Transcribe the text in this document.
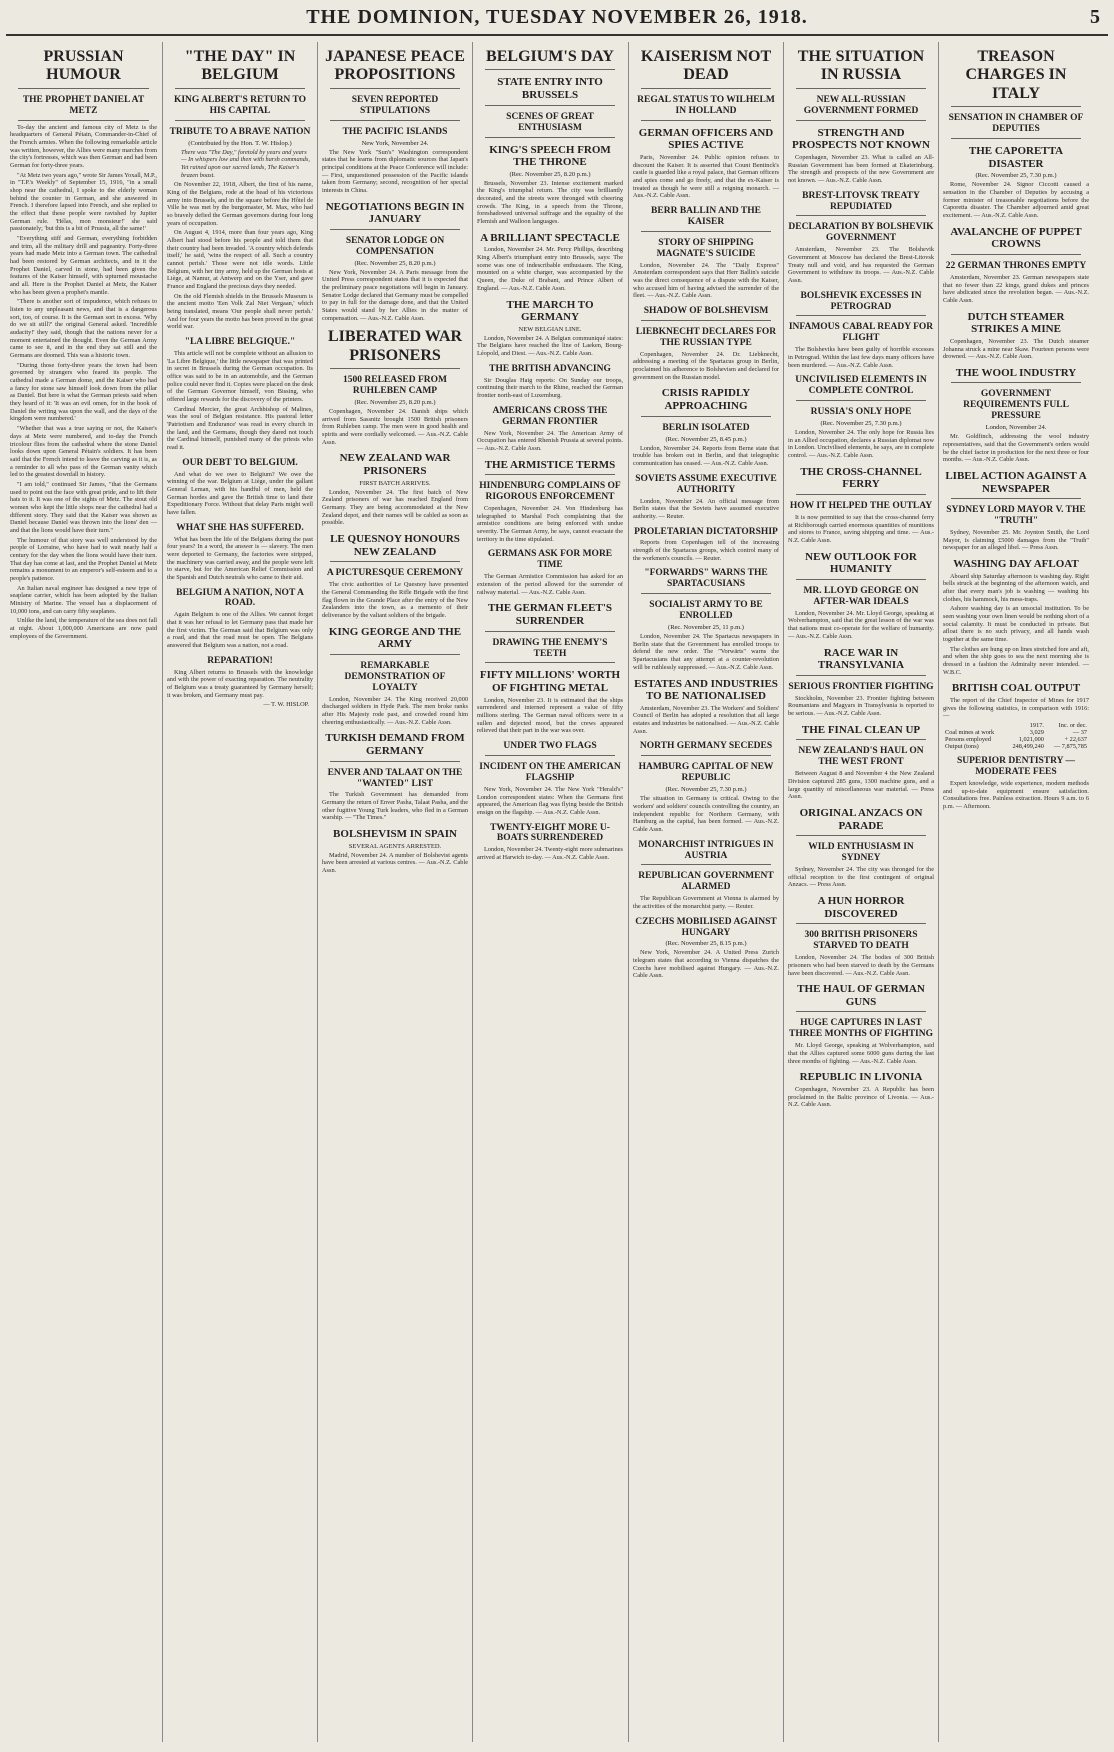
THE DOMINION, TUESDAY NOVEMBER 26, 1918.	5
PRUSSIAN HUMOUR
THE PROPHET DANIEL AT METZ
To-day the ancient and famous city of Metz is the headquarters of General Pétain, Commander-in-Chief of the French armies. When the following remarkable article was written, however, the Allies were many marches from the city's fortresses, which was then German and had been German for forty-three years.
"At Metz two years ago," wrote Sir James Yoxall, M.P., in "T.P.'s Weekly" of September 15, 1916, "in a small shop near the cathedral, I spoke to the elderly woman behind the counter in German, and she answered in French. I therefore lapsed into French, and she replied to the effect that these people were ravished by Jupiter German rule. 'Hélas, mon monsieur!' she said passionately; 'but this is a bit of Prussia, all the same!'
"Everything stiff and German, everything forbidden and trim, all the military drill and pageantry. Forty-three years had made Metz into a German town. The cathedral had been restored by German architects, and in it the Prophet Daniel, carved in stone, had been given the features of the Kaiser himself, with upturned moustache and all. Here is the Prophet Daniel at Metz, the Kaiser who has been given a prophet's mantle.
"There is another sort of impudence, which refuses to listen to any unpleasant news, and that is a dangerous sort, too, of course. It is the German sort in excess. 'Why do we sit still?' the original General asked. 'Incredible audacity!' they said, though that the nations never for a moment entertained the thought. Even the German Army came to see it, and in the end they sat still and the Germans are doomed. This was a historic town.
"During those forty-three years the town had been governed by strangers who feared its people. The cathedral made a German dome, and the Kaiser who had a fancy for stone saw himself look down from the pillar as Daniel. But here is what the German priests said when they heard of it: 'It was an evil omen, for in the book of Daniel the writing was upon the wall, and the days of the kingdom were numbered.'
"Whether that was a true saying or not, the Kaiser's days at Metz were numbered, and to-day the French tricolour flies from the cathedral where the stone Daniel looks down upon General Pétain's soldiers. It has been said that the French intend to leave the carving as it is, as a reminder to all who pass of the German vanity which led to the greatest downfall in history.
"I am told," continued Sir James, "that the Germans used to point out the face with great pride, and to lift their hats to it. It was one of the sights of Metz. The stout old women who kept the little shops near the cathedral had a different story. They said that the Kaiser was shown as Daniel because Daniel was thrown into the lions' den — and that the lions would have their turn."
The humour of that story was well understood by the people of Lorraine, who have had to wait nearly half a century for the day when the lions would have their turn. That day has come at last, and the Prophet Daniel at Metz remains a monument to an emperor's self-esteem and to a people's patience.
An Italian naval engineer has designed a new type of seaplane carrier, which has been adopted by the Italian Ministry of Marine. The vessel has a displacement of 10,000 tons, and can carry fifty seaplanes.
Unlike the land, the temperature of the sea does not fall at night. About 1,000,000 Americans are now paid employees of the Government.
"THE DAY" IN BELGIUM
KING ALBERT'S RETURN TO HIS CAPITAL
TRIBUTE TO A BRAVE NATION
(Contributed by the Hon. T. W. Hislop.)
There was "The Day," foretold by years and years — In whispers low and then with harsh commands, Yet rained upon our sacred lands, The Kaiser's brazen boast.
On November 22, 1918, Albert, the first of his name, King of the Belgians, rode at the head of his victorious army into Brussels, and in the square before the Hôtel de Ville he was met by the burgomaster, M. Max, who had so bravely defied the German governors during four long years of occupation.
On August 4, 1914, more than four years ago, King Albert had stood before his people and told them that their country had been invaded. 'A country which defends itself,' he said, 'wins the respect of all. Such a country cannot perish.' Those were not idle words. Little Belgium, with her tiny army, held up the German hosts at Liège, at Namur, at Antwerp and on the Yser, and gave France and England the precious days they needed.
On the old Flemish shields in the Brussels Museum is the ancient motto 'Een Volk Zal Niet Vergaan,' which being translated, means 'Our people shall never perish.' And for four years the motto has been proved in the great world war.
"LA LIBRE BELGIQUE."
This article will not be complete without an allusion to 'La Libre Belgique,' the little newspaper that was printed in secret in Brussels during the German occupation. Its office was said to be in an automobile, and the German police could never find it. Copies were placed on the desk of the German Governor himself, von Bissing, who offered large rewards for the discovery of the printers.
Cardinal Mercier, the great Archbishop of Malines, was the soul of Belgian resistance. His pastoral letter 'Patriotism and Endurance' was read in every church in the land, and the Germans, though they dared not touch the Cardinal himself, punished many of the priests who read it.
OUR DEBT TO BELGIUM.
And what do we owe to Belgium? We owe the winning of the war. Belgium at Liège, under the gallant General Leman, with his handful of men, held the German hordes and gave the British time to land their Expeditionary Force. Without that delay Paris might well have fallen.
WHAT SHE HAS SUFFERED.
What has been the life of the Belgians during the past four years? In a word, the answer is — slavery. The men were deported to Germany, the factories were stripped, the machinery was carried away, and the people were left to starve, but for the American Relief Commission and the Spanish and Dutch neutrals who came to their aid.
BELGIUM A NATION, NOT A ROAD.
Again Belgium is one of the Allies. We cannot forget that it was her refusal to let Germany pass that made her the first victim. The German said that Belgium was only a road, and that the road must be open. The Belgians answered that Belgium was a nation, not a road.
REPARATION!
King Albert returns to Brussels with the knowledge and with the power of exacting reparation. The neutrality of Belgium was a treaty guaranteed by Germany herself; it was broken, and Germany must pay.
— T. W. HISLOP.
JAPANESE PEACE PROPOSITIONS
SEVEN REPORTED STIPULATIONS
THE PACIFIC ISLANDS
New York, November 24.
The New York "Sun's" Washington correspondent states that he learns from diplomatic sources that Japan's principal conditions at the Peace Conference will include: — First, unquestioned possession of the Pacific islands taken from Germany; second, recognition of her special interests in China.
NEGOTIATIONS BEGIN IN JANUARY
SENATOR LODGE ON COMPENSATION
(Rec. November 25, 8.20 p.m.)
New York, November 24. A Paris message from the United Press correspondent states that it is expected that the preliminary peace negotiations will begin in January. Senator Lodge declared that Germany must be compelled to pay in full for the damage done, and that the United States would stand by her Allies in the matter of compensation. — Aus.-N.Z. Cable Assn.
LIBERATED WAR PRISONERS
1500 RELEASED FROM RUHLEBEN CAMP
(Rec. November 25, 8.20 p.m.)
Copenhagen, November 24. Danish ships which arrived from Sassnitz brought 1500 British prisoners from Ruhleben camp. The men were in good health and spirits and were cordially welcomed. — Aus.-N.Z. Cable Assn.
NEW ZEALAND WAR PRISONERS
FIRST BATCH ARRIVES.
London, November 24. The first batch of New Zealand prisoners of war has reached England from Germany. They are being accommodated at the New Zealand depot, and their names will be cabled as soon as possible.
LE QUESNOY HONOURS NEW ZEALAND
A PICTURESQUE CEREMONY
The civic authorities of Le Quesnoy have presented the General Commanding the Rifle Brigade with the first flag flown in the Grande Place after the entry of the New Zealanders into the town, as a memento of their deliverance by the valiant soldiers of the brigade.
KING GEORGE AND THE ARMY
REMARKABLE DEMONSTRATION OF LOYALTY
London, November 24. The King received 20,000 discharged soldiers in Hyde Park. The men broke ranks after His Majesty rode past, and crowded round him cheering enthusiastically. — Aus.-N.Z. Cable Assn.
TURKISH DEMAND FROM GERMANY
ENVER AND TALAAT ON THE "WANTED" LIST
The Turkish Government has demanded from Germany the return of Enver Pasha, Talaat Pasha, and the other fugitive Young Turk leaders, who fled in a German warship. — "The Times."
BOLSHEVISM IN SPAIN
SEVERAL AGENTS ARRESTED.
Madrid, November 24. A number of Bolshevist agents have been arrested at various centres. — Aus.-N.Z. Cable Assn.
BELGIUM'S DAY
STATE ENTRY INTO BRUSSELS
SCENES OF GREAT ENTHUSIASM
KING'S SPEECH FROM THE THRONE
(Rec. November 25, 8.20 p.m.)
Brussels, November 23. Intense excitement marked the King's triumphal return. The city was brilliantly decorated, and the streets were thronged with cheering crowds. The King, in a speech from the Throne, foreshadowed universal suffrage and the equality of the Flemish and Walloon languages.
A BRILLIANT SPECTACLE
London, November 24. Mr. Percy Phillips, describing King Albert's triumphant entry into Brussels, says: The scene was one of indescribable enthusiasm. The King, mounted on a white charger, was accompanied by the Queen, the Duke of Brabant, and Prince Albert of England. — Aus.-N.Z. Cable Assn.
THE MARCH TO GERMANY
NEW BELGIAN LINE.
London, November 24. A Belgian communiqué states: The Belgians have reached the line of Laeken, Bourg-Léopold, and Diest. — Aus.-N.Z. Cable Assn.
THE BRITISH ADVANCING
Sir Douglas Haig reports: On Sunday our troops, continuing their march to the Rhine, reached the German frontier north-east of Luxemburg.
AMERICANS CROSS THE GERMAN FRONTIER
New York, November 24. The American Army of Occupation has entered Rhenish Prussia at several points. — Aus.-N.Z. Cable Assn.
THE ARMISTICE TERMS
HINDENBURG COMPLAINS OF RIGOROUS ENFORCEMENT
Copenhagen, November 24. Von Hindenburg has telegraphed to Marshal Foch complaining that the armistice conditions are being enforced with undue severity. The German Army, he says, cannot evacuate the territory in the time stipulated.
GERMANS ASK FOR MORE TIME
The German Armistice Commission has asked for an extension of the period allowed for the surrender of railway material. — Aus.-N.Z. Cable Assn.
THE GERMAN FLEET'S SURRENDER
DRAWING THE ENEMY'S TEETH
FIFTY MILLIONS' WORTH OF FIGHTING METAL
London, November 23. It is estimated that the ships surrendered and interned represent a value of fifty millions sterling. The German naval officers were in a sullen and dejected mood, but the crews appeared relieved that their part in the war was over.
UNDER TWO FLAGS
INCIDENT ON THE AMERICAN FLAGSHIP
New York, November 24. The New York "Herald's" London correspondent states: When the Germans first appeared, the American flag was flying beside the British ensign on the flagship. — Aus.-N.Z. Cable Assn.
TWENTY-EIGHT MORE U-BOATS SURRENDERED
London, November 24. Twenty-eight more submarines arrived at Harwich to-day. — Aus.-N.Z. Cable Assn.
KAISERISM NOT DEAD
REGAL STATUS TO WILHELM IN HOLLAND
GERMAN OFFICERS AND SPIES ACTIVE
Paris, November 24. Public opinion refuses to discount the Kaiser. It is asserted that Count Bentinck's castle is guarded like a royal palace, that German officers and spies come and go freely, and that the ex-Kaiser is treated as though he were still a reigning monarch. — Aus.-N.Z. Cable Assn.
BERR BALLIN AND THE KAISER
STORY OF SHIPPING MAGNATE'S SUICIDE
London, November 24. The "Daily Express" Amsterdam correspondent says that Herr Ballin's suicide was the direct consequence of a dispute with the Kaiser, who accused him of having advised the surrender of the fleet. — Aus.-N.Z. Cable Assn.
SHADOW OF BOLSHEVISM
LIEBKNECHT DECLARES FOR THE RUSSIAN TYPE
Copenhagen, November 24. Dr. Liebknecht, addressing a meeting of the Spartacus group in Berlin, proclaimed his adherence to Bolshevism and declared for government on the Russian model.
CRISIS RAPIDLY APPROACHING
BERLIN ISOLATED
(Rec. November 25, 8.45 p.m.)
London, November 24. Reports from Berne state that trouble has broken out in Berlin, and that telegraphic communication has ceased. — Aus.-N.Z. Cable Assn.
SOVIETS ASSUME EXECUTIVE AUTHORITY
London, November 24. An official message from Berlin states that the Soviets have assumed executive authority. — Reuter.
PROLETARIAN DICTATORSHIP
Reports from Copenhagen tell of the increasing strength of the Spartacus groups, which control many of the workmen's councils. — Reuter.
"FORWARDS" WARNS THE SPARTACUSIANS
SOCIALIST ARMY TO BE ENROLLED
(Rec. November 25, 11 p.m.)
London, November 24. The Spartacus newspapers in Berlin state that the Government has enrolled troops to defend the new order. The "Vorwärts" warns the Spartacusians that any attempt at a counter-revolution will be ruthlessly suppressed. — Aus.-N.Z. Cable Assn.
ESTATES AND INDUSTRIES TO BE NATIONALISED
Amsterdam, November 23. The Workers' and Soldiers' Council of Berlin has adopted a resolution that all large estates and industries be nationalised. — Aus.-N.Z. Cable Assn.
NORTH GERMANY SECEDES
HAMBURG CAPITAL OF NEW REPUBLIC
(Rec. November 25, 7.30 p.m.)
The situation in Germany is critical. Owing to the workers' and soldiers' councils controlling the country, an independent republic for Northern Germany, with Hamburg as the capital, has been formed. — Aus.-N.Z. Cable Assn.
MONARCHIST INTRIGUES IN AUSTRIA
REPUBLICAN GOVERNMENT ALARMED
The Republican Government at Vienna is alarmed by the activities of the monarchist party. — Reuter.
CZECHS MOBILISED AGAINST HUNGARY
(Rec. November 25, 8.15 p.m.)
New York, November 24. A United Press Zurich telegram states that according to Vienna dispatches the Czechs have mobilised against Hungary. — Aus.-N.Z. Cable Assn.
THE SITUATION IN RUSSIA
NEW ALL-RUSSIAN GOVERNMENT FORMED
STRENGTH AND PROSPECTS NOT KNOWN
Copenhagen, November 23. What is called an All-Russian Government has been formed at Ekaterinburg. The strength and prospects of the new Government are not known. — Aus.-N.Z. Cable Assn.
BREST-LITOVSK TREATY REPUDIATED
DECLARATION BY BOLSHEVIK GOVERNMENT
Amsterdam, November 23. The Bolshevik Government at Moscow has declared the Brest-Litovsk Treaty null and void, and has requested the German Government to withdraw its troops. — Aus.-N.Z. Cable Assn.
BOLSHEVIK EXCESSES IN PETROGRAD
INFAMOUS CABAL READY FOR FLIGHT
The Bolsheviks have been guilty of horrible excesses in Petrograd. Within the last few days many officers have been murdered. — Aus.-N.Z. Cable Assn.
UNCIVILISED ELEMENTS IN COMPLETE CONTROL
RUSSIA'S ONLY HOPE
(Rec. November 25, 7.30 p.m.)
London, November 24. The only hope for Russia lies in an Allied occupation, declares a Russian diplomat now in London. Uncivilised elements, he says, are in complete control. — Aus.-N.Z. Cable Assn.
THE CROSS-CHANNEL FERRY
HOW IT HELPED THE OUTLAY
It is now permitted to say that the cross-channel ferry at Richborough carried enormous quantities of munitions and stores to France, saving shipping and time. — Aus.-N.Z. Cable Assn.
NEW OUTLOOK FOR HUMANITY
MR. LLOYD GEORGE ON AFTER-WAR IDEALS
London, November 24. Mr. Lloyd George, speaking at Wolverhampton, said that the great lesson of the war was that nations must co-operate for the welfare of humanity. — Aus.-N.Z. Cable Assn.
RACE WAR IN TRANSYLVANIA
SERIOUS FRONTIER FIGHTING
Stockholm, November 23. Frontier fighting between Roumanians and Magyars in Transylvania is reported to be serious. — Aus.-N.Z. Cable Assn.
THE FINAL CLEAN UP
NEW ZEALAND'S HAUL ON THE WEST FRONT
Between August 8 and November 4 the New Zealand Division captured 285 guns, 1300 machine guns, and a large quantity of miscellaneous war material. — Press Assn.
ORIGINAL ANZACS ON PARADE
WILD ENTHUSIASM IN SYDNEY
Sydney, November 24. The city was thronged for the official reception to the first contingent of original Anzacs. — Press Assn.
A HUN HORROR DISCOVERED
300 BRITISH PRISONERS STARVED TO DEATH
London, November 24. The bodies of 300 British prisoners who had been starved to death by the Germans have been discovered. — Aus.-N.Z. Cable Assn.
THE HAUL OF GERMAN GUNS
HUGE CAPTURES IN LAST THREE MONTHS OF FIGHTING
Mr. Lloyd George, speaking at Wolverhampton, said that the Allies captured some 6000 guns during the last three months of fighting. — Aus.-N.Z. Cable Assn.
REPUBLIC IN LIVONIA
Copenhagen, November 23. A Republic has been proclaimed in the Baltic province of Livonia. — Aus.-N.Z. Cable Assn.
TREASON CHARGES IN ITALY
SENSATION IN CHAMBER OF DEPUTIES
THE CAPORETTA DISASTER
(Rec. November 25, 7.30 p.m.)
Rome, November 24. Signor Ciccotti caused a sensation in the Chamber of Deputies by accusing a former minister of treasonable negotiations before the Caporetta disaster. The Chamber adjourned amid great excitement. — Aus.-N.Z. Cable Assn.
AVALANCHE OF PUPPET CROWNS
22 GERMAN THRONES EMPTY
Amsterdam, November 23. German newspapers state that no fewer than 22 kings, grand dukes and princes have abdicated since the revolution began. — Aus.-N.Z. Cable Assn.
DUTCH STEAMER STRIKES A MINE
Copenhagen, November 23. The Dutch steamer Johanna struck a mine near Skaw. Fourteen persons were drowned. — Aus.-N.Z. Cable Assn.
THE WOOL INDUSTRY
GOVERNMENT REQUIREMENTS FULL PRESSURE
London, November 24.
Mr. Goldfinch, addressing the wool industry representatives, said that the Government's orders would be the chief factor in production for the next three or four months. — Aus.-N.Z. Cable Assn.
LIBEL ACTION AGAINST A NEWSPAPER
SYDNEY LORD MAYOR V. THE "TRUTH"
Sydney, November 25. Mr. Joynton Smith, the Lord Mayor, is claiming £5000 damages from the "Truth" newspaper for an alleged libel. — Press Assn.
WASHING DAY AFLOAT
Aboard ship Saturday afternoon is washing day. Right bells struck at the beginning of the afternoon watch, and after that every man's job is washing — washing his clothes, his hammock, his mess-traps.
Ashore washing day is an unsocial institution. To be seen washing your own linen would be nothing short of a social calamity. It must be conducted in private. But afloat there is no such privacy, and all hands wash together at the same time.
The clothes are hung up on lines stretched fore and aft, and when the ship goes to sea the next morning she is dressed in a fashion the Admiralty never intended. — W.B.C.
BRITISH COAL OUTPUT
The report of the Chief Inspector of Mines for 1917 gives the following statistics, in comparison with 1916: —
	1917.	Inc. or dec.
Coal mines at work	3,029	— 37
Persons employed	1,021,000	+ 22,637
Output (tons)	248,499,240	— 7,875,785
SUPERIOR DENTISTRY — MODERATE FEES
Expert knowledge, wide experience, modern methods and up-to-date equipment ensure satisfaction. Consultations free. Painless extraction. Hours 9 a.m. to 6 p.m. — Afternoon.
